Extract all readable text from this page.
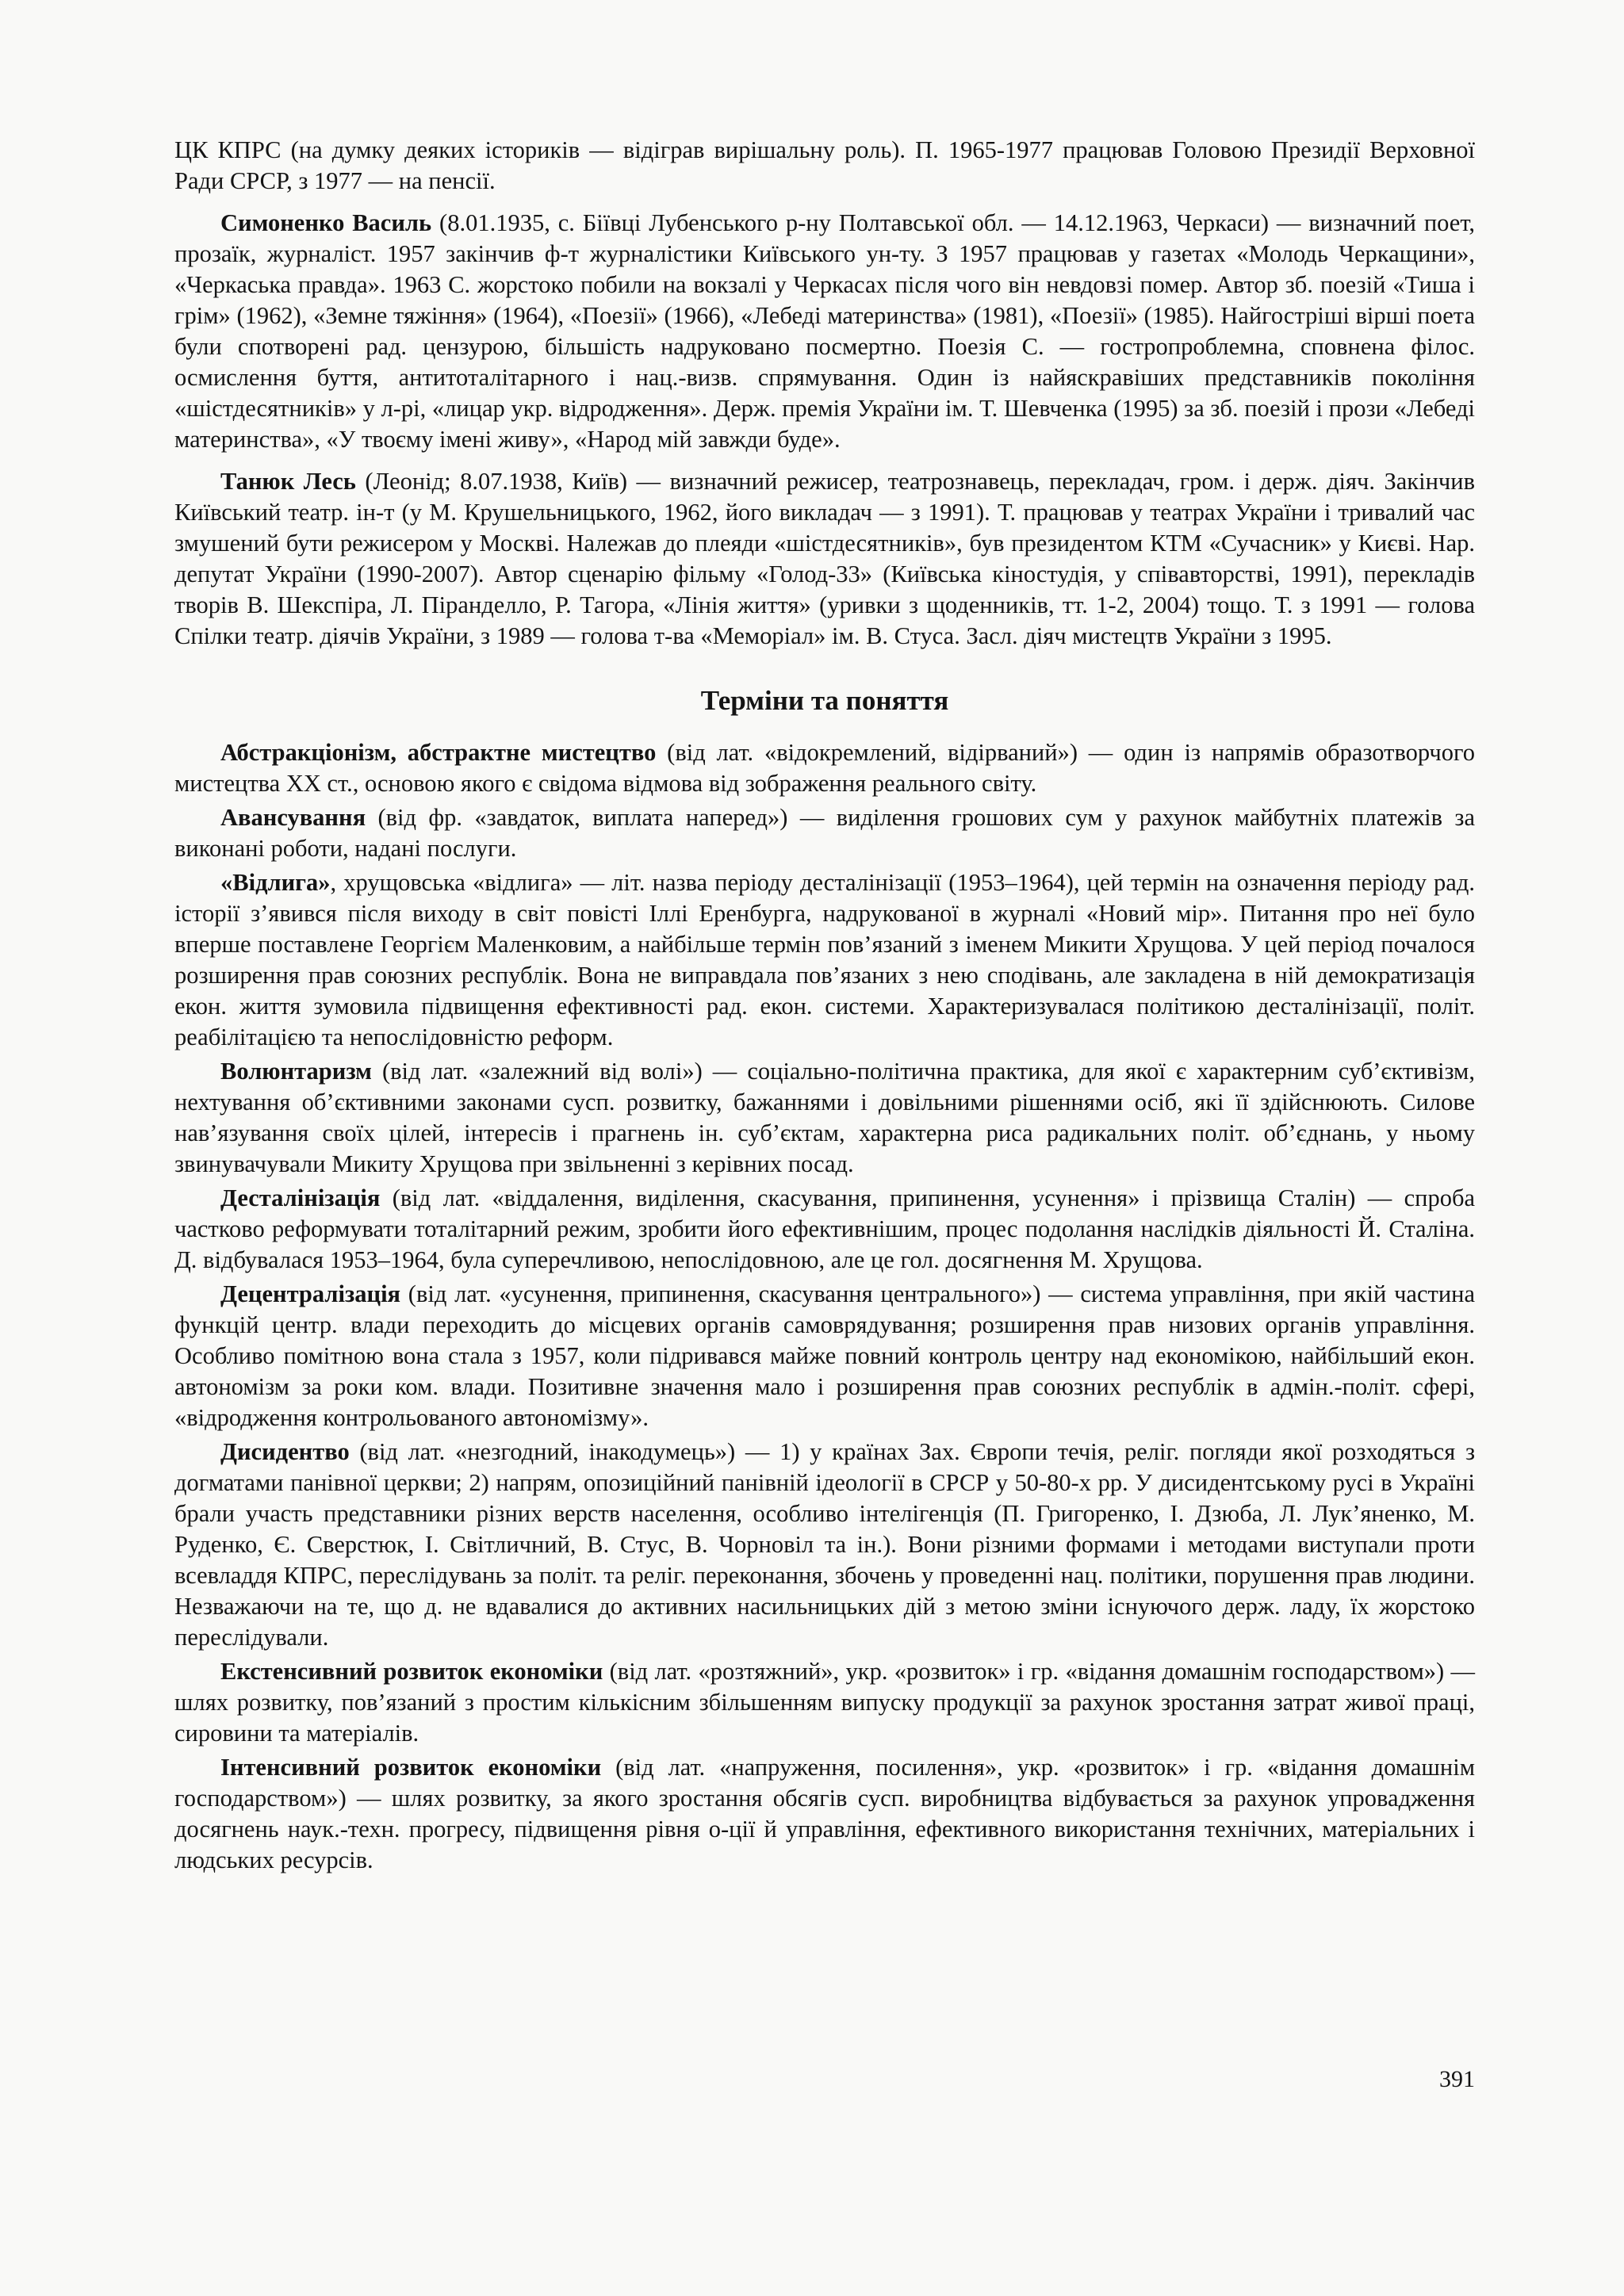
ЦК КПРС (на думку деяких істориків — відіграв вирішальну роль). П. 1965-1977 працював Головою Президії Верховної Ради СРСР, з 1977 — на пенсії.

Симоненко Василь (8.01.1935, с. Біївці Лубенського р-ну Полтавської обл. — 14.12.1963, Черкаси) — визначний поет, прозаїк, журналіст. 1957 закінчив ф-т журналістики Київського ун-ту. З 1957 працював у газетах «Молодь Черкащини», «Черкаська правда». 1963 С. жорстоко побили на вокзалі у Черкасах після чого він невдовзі помер. Автор зб. поезій «Тиша і грім» (1962), «Земне тяжіння» (1964), «Поезії» (1966), «Лебеді материнства» (1981), «Поезії» (1985). Найгостріші вірші поета були спотворені рад. цензурою, більшість надруковано посмертно. Поезія С. — гостропроблемна, сповнена філос. осмислення буття, антитоталітарного і нац.-визв. спрямування. Один із найяскравіших представників покоління «шістдесятників» у л-рі, «лицар укр. відродження». Держ. премія України ім. Т. Шевченка (1995) за зб. поезій і прози «Лебеді материнства», «У твоєму імені живу», «Народ мій завжди буде».

Танюк Лесь (Леонід; 8.07.1938, Київ) — визначний режисер, театрознавець, перекладач, гром. і держ. діяч. Закінчив Київський театр. ін-т (у М. Крушельницького, 1962, його викладач — з 1991). Т. працював у театрах України і тривалий час змушений бути режисером у Москві. Належав до плеяди «шістдесятників», був президентом КТМ «Сучасник» у Києві. Нар. депутат України (1990-2007). Автор сценарію фільму «Голод-33» (Київська кіностудія, у співавторстві, 1991), перекладів творів В. Шекспіра, Л. Піранделло, Р. Тагора, «Лінія життя» (уривки з щоденників, тт. 1-2, 2004) тощо. Т. з 1991 — голова Спілки театр. діячів України, з 1989 — голова т-ва «Меморіал» ім. В. Стуса. Засл. діяч мистецтв України з 1995.

Терміни та поняття

Абстракціонізм, абстрактне мистецтво (від лат. «відокремлений, відірваний») — один із напрямів образотворчого мистецтва XX ст., основою якого є свідома відмова від зображення реального світу.

Авансування (від фр. «завдаток, виплата наперед») — виділення грошових сум у рахунок майбутніх платежів за виконані роботи, надані послуги.

«Відлига», хрущовська «відлига» — літ. назва періоду десталінізації (1953–1964), цей термін на означення періоду рад. історії з’явився після виходу в світ повісті Іллі Еренбурга, надрукованої в журналі «Новий мір». Питання про неї було вперше поставлене Георгієм Маленковим, а найбільше термін пов’язаний з іменем Микити Хрущова. У цей період почалося розширення прав союзних республік. Вона не виправдала пов’язаних з нею сподівань, але закладена в ній демократизація екон. життя зумовила підвищення ефективності рад. екон. системи. Характеризувалася політикою десталінізації, політ. реабілітацією та непослідовністю реформ.

Волюнтаризм (від лат. «залежний від волі») — соціально-політична практика, для якої є характерним суб’єктивізм, нехтування об’єктивними законами сусп. розвитку, бажаннями і довільними рішеннями осіб, які її здійснюють. Силове нав’язування своїх цілей, інтересів і прагнень ін. суб’єктам, характерна риса радикальних політ. об’єднань, у ньому звинувачували Микиту Хрущова при звільненні з керівних посад.

Десталінізація (від лат. «віддалення, виділення, скасування, припинення, усунення» і прізвища Сталін) — спроба частково реформувати тоталітарний режим, зробити його ефективнішим, процес подолання наслідків діяльності Й. Сталіна. Д. відбувалася 1953–1964, була суперечливою, непослідовною, але це гол. досягнення М. Хрущова.

Децентралізація (від лат. «усунення, припинення, скасування центрального») — система управління, при якій частина функцій центр. влади переходить до місцевих органів самоврядування; розширення прав низових органів управління. Особливо помітною вона стала з 1957, коли підривався майже повний контроль центру над економікою, найбільший екон. автономізм за роки ком. влади. Позитивне значення мало і розширення прав союзних республік в адмін.-політ. сфері, «відродження контрольованого автономізму».

Дисидентво (від лат. «незгодний, інакодумець») — 1) у країнах Зах. Європи течія, реліг. погляди якої розходяться з догматами панівної церкви; 2) напрям, опозиційний панівній ідеології в СРСР у 50-80-х рр. У дисидентському русі в Україні брали участь представники різних верств населення, особливо інтелігенція (П. Григоренко, І. Дзюба, Л. Лук’яненко, М. Руденко, Є. Сверстюк, І. Світличний, В. Стус, В. Чорновіл та ін.). Вони різними формами і методами виступали проти всевладдя КПРС, переслідувань за політ. та реліг. переконання, збочень у проведенні нац. політики, порушення прав людини. Незважаючи на те, що д. не вдавалися до активних насильницьких дій з метою зміни існуючого держ. ладу, їх жорстоко переслідували.

Екстенсивний розвиток економіки (від лат. «розтяжний», укр. «розвиток» і гр. «відання домашнім господарством») — шлях розвитку, пов’язаний з простим кількісним збільшенням випуску продукції за рахунок зростання затрат живої праці, сировини та матеріалів.

Інтенсивний розвиток економіки (від лат. «напруження, посилення», укр. «розвиток» і гр. «відання домашнім господарством») — шлях розвитку, за якого зростання обсягів сусп. виробництва відбувається за рахунок упровадження досягнень наук.-техн. прогресу, підвищення рівня о-ції й управління, ефективного використання технічних, матеріальних і людських ресурсів.

391
